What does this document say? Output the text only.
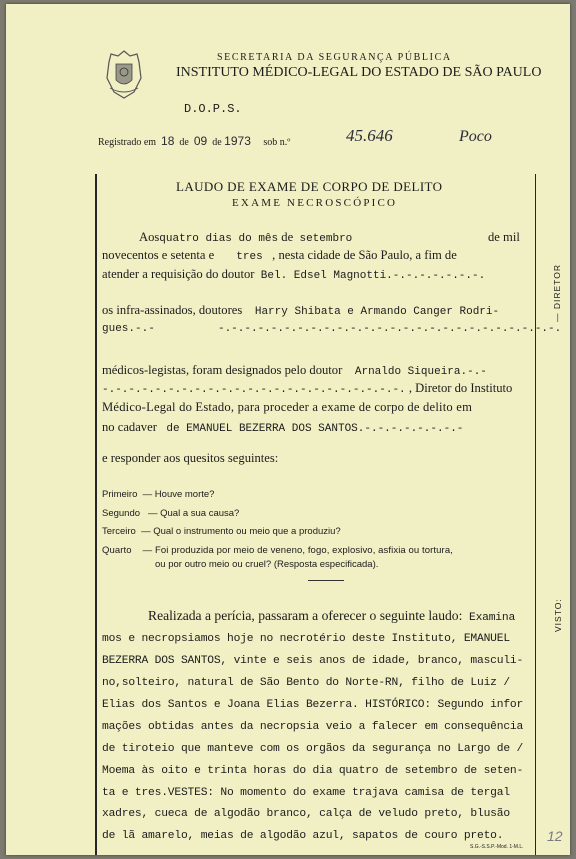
SECRETARIA DA SEGURANÇA PÚBLICA
INSTITUTO MÉDICO-LEGAL DO ESTADO DE SÃO PAULO
D.O.P.S.
Registrado em 18 de 09 de 1973 sob n.º	45.646	Poco
LAUDO DE EXAME DE CORPO DE DELITO
EXAME NECROSCÓPICO
Aosquatro dias do mês de setembro	de mil
novecentos e setenta e tres , nesta cidade de São Paulo, a fim de
atender a requisição do doutor Bel. Edsel Magnotti.-.-.-.-.-.-.-.
os infra-assinados, doutores Harry Shibata e Armando Canger Rodri-
gues.-.-	-.-.-.-.-.-.-.-.-.-.-.-.-.-.-.-.-.-.-.-.-.-.-.-.-.-.
médicos-legistas, foram designados pelo doutor Arnaldo Siqueira.-.-
-.-.-.-.-.-.-.-.-.-.-.-.-.-.-.-.-.-.-.-.-.-.-. , Diretor do Instituto
Médico-Legal do Estado, para proceder a exame de corpo de delito em
no cadaver de EMANUEL BEZERRA DOS SANTOS.-.-.-.-.-.-.-.-
e responder aos quesitos seguintes:
Primeiro — Houve morte?
Segundo — Qual a sua causa?
Terceiro — Qual o instrumento ou meio que a produziu?
Quarto — Foi produzida por meio de veneno, fogo, explosivo, asfixia ou tortura,
ou por outro meio ou cruel? (Resposta especificada).
Realizada a perícia, passaram a oferecer o seguinte laudo: Examina
mos e necropsiamos hoje no necrotério deste Instituto, EMANUEL
BEZERRA DOS SANTOS, vinte e seis anos de idade, branco, masculi-
no,solteiro, natural de São Bento do Norte-RN, filho de Luiz /
Elias dos Santos e Joana Elias Bezerra. HISTÓRICO: Segundo infor
mações obtidas antes da necropsia veio a falecer em consequência
de tiroteio que manteve com os orgãos da segurança no Largo de /
Moema às oito e trinta horas do dia quatro de setembro de seten-
ta e tres.VESTES: No momento do exame trajava camisa de tergal
xadres, cueca de algodão branco, calça de veludo preto, blusão
de lã amarelo, meias de algodão azul, sapatos de couro preto.
— DIRETOR
VISTO:
S.G.-S.S.P.-Mod. 1-M.L.
12
